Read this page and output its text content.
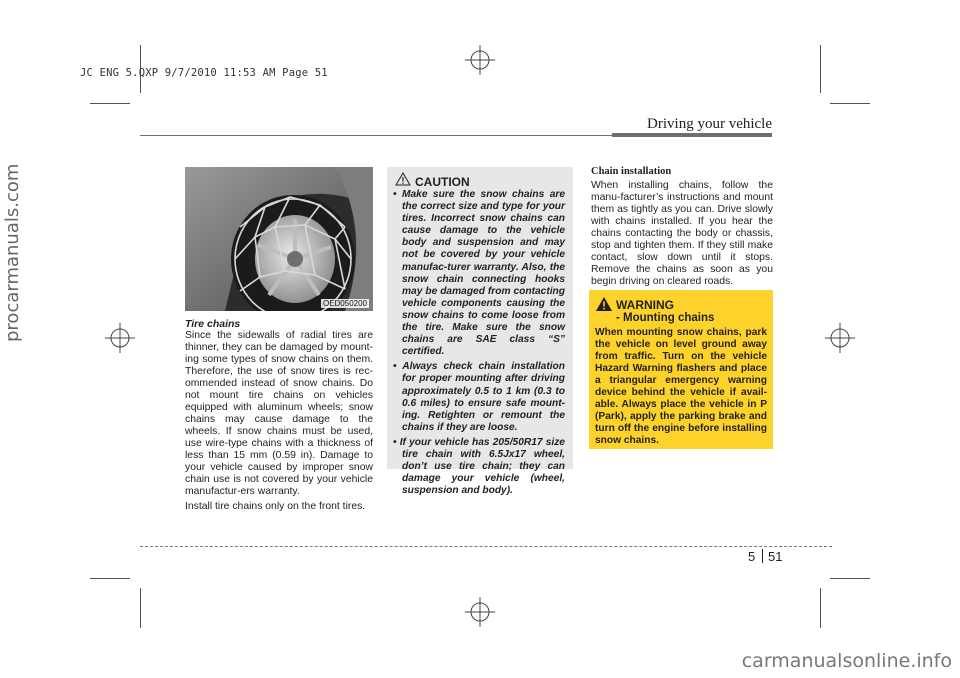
JC ENG 5.QXP 9/7/2010 11:53 AM Page 51
procarmanuals.com
carmanualsonline.info
Driving your vehicle
OED050200

Tire chains

Since the sidewalls of radial tires are thinner, they can be damaged by mount-ing some types of snow chains on them. Therefore, the use of snow tires is rec-ommended instead of snow chains. Do not mount tire chains on vehicles equipped with aluminum wheels; snow chains may cause damage to the wheels. If snow chains must be used, use wire-type chains with a thickness of less than 15 mm (0.59 in). Damage to your vehicle caused by improper snow chain use is not covered by your vehicle manufactur-ers warranty.

Install tire chains only on the front tires.

CAUTION
• Make sure the snow chains are the correct size and type for your tires. Incorrect snow chains can cause damage to the vehicle body and suspension and may not be covered by your vehicle manufac-turer warranty. Also, the snow chain connecting hooks may be damaged from contacting vehicle components causing the snow chains to come loose from the tire. Make sure the snow chains are SAE class “S” certified.
• Always check chain installation for proper mounting after driving approximately 0.5 to 1 km (0.3 to 0.6 miles) to ensure safe mount-ing. Retighten or remount the chains if they are loose.
• If your vehicle has 205/50R17 size tire chain with 6.5Jx17 wheel, don’t use tire chain; they can damage your vehicle (wheel, suspension and body).

Chain installation

When installing chains, follow the manu-facturer’s instructions and mount them as tightly as you can. Drive slowly with chains installed. If you hear the chains contacting the body or chassis, stop and tighten them. If they still make contact, slow down until it stops. Remove the chains as soon as you begin driving on cleared roads.

WARNING
- Mounting chains
When mounting snow chains, park the vehicle on level ground away from traffic. Turn on the vehicle Hazard Warning flashers and place a triangular emergency warning device behind the vehicle if avail-able. Always place the vehicle in P (Park), apply the parking brake and turn off the engine before installing snow chains.
5 51
